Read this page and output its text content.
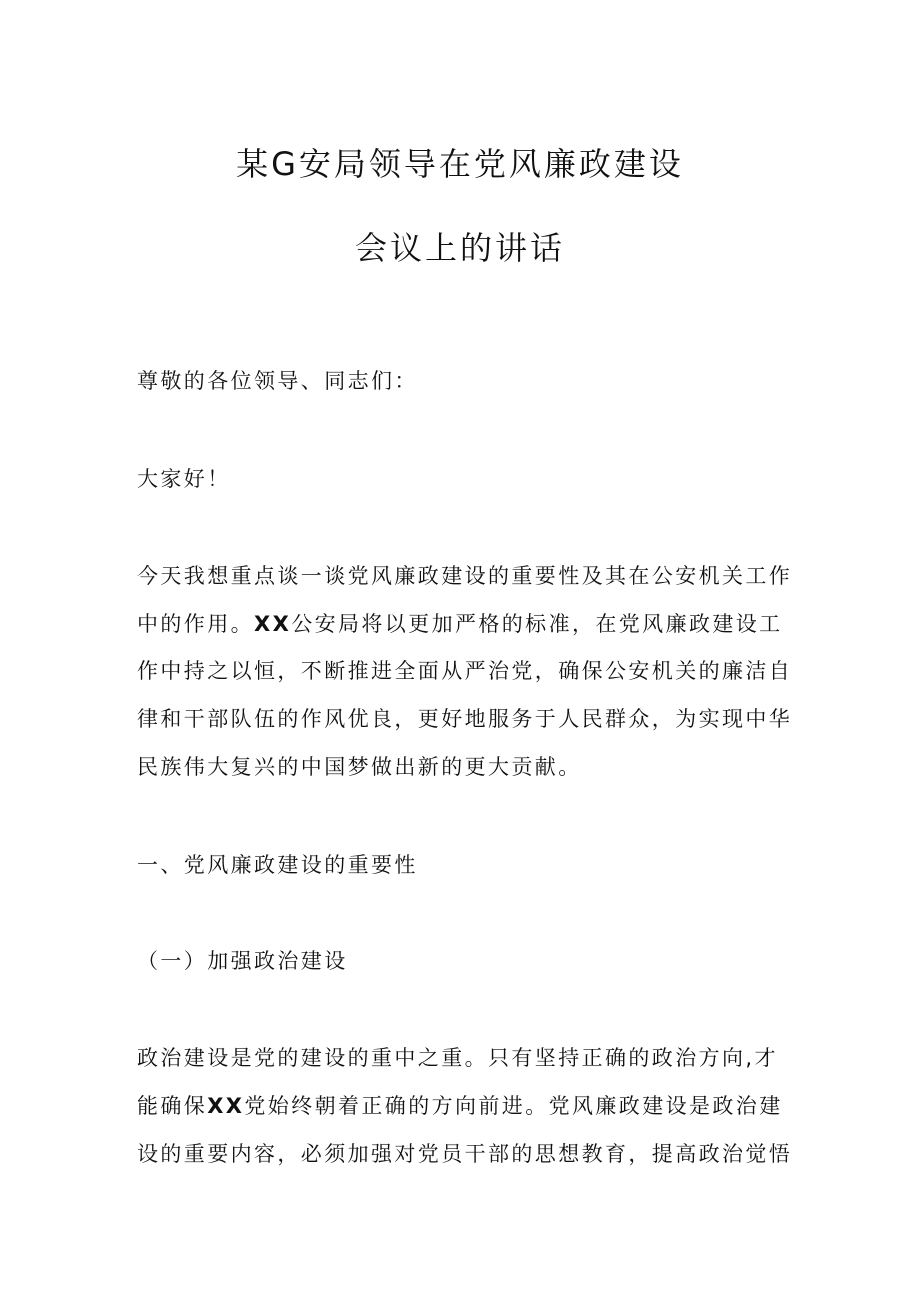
某G安局领导在党风廉政建设
会议上的讲话
尊敬的各位领导、同志们：
大家好！
今天我想重点谈一谈党风廉政建设的重要性及其在公安机关工作
中的作用。XX公安局将以更加严格的标准，在党风廉政建设工
作中持之以恒，不断推进全面从严治党，确保公安机关的廉洁自
律和干部队伍的作风优良，更好地服务于人民群众，为实现中华
民族伟大复兴的中国梦做出新的更大贡献。
一、党风廉政建设的重要性
（一）加强政治建设
政治建设是党的建设的重中之重。只有坚持正确的政治方向,才
能确保XX党始终朝着正确的方向前进。党风廉政建设是政治建
设的重要内容，必须加强对党员干部的思想教育，提高政治觉悟
